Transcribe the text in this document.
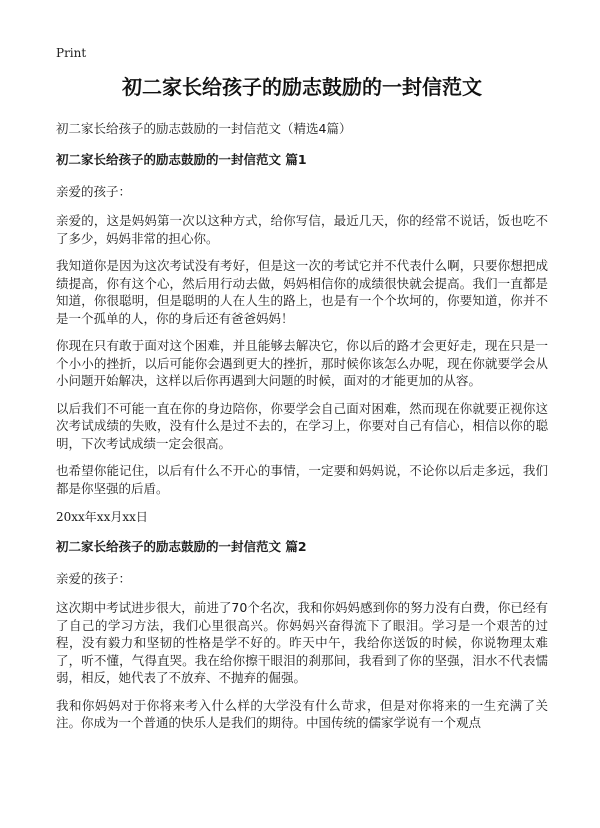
Print
初二家长给孩子的励志鼓励的一封信范文
初二家长给孩子的励志鼓励的一封信范文（精选4篇）
初二家长给孩子的励志鼓励的一封信范文 篇1
亲爱的孩子：

亲爱的，这是妈妈第一次以这种方式，给你写信，最近几天，你的经常不说话，饭也吃不了多少，妈妈非常的担心你。

我知道你是因为这次考试没有考好，但是这一次的考试它并不代表什么啊，只要你想把成绩提高，你有这个心，然后用行动去做，妈妈相信你的成绩很快就会提高。我们一直都是知道，你很聪明，但是聪明的人在人生的路上，也是有一个个坎坷的，你要知道，你并不是一个孤单的人，你的身后还有爸爸妈妈！

你现在只有敢于面对这个困难，并且能够去解决它，你以后的路才会更好走，现在只是一个小小的挫折，以后可能你会遇到更大的挫折，那时候你该怎么办呢，现在你就要学会从小问题开始解决，这样以后你再遇到大问题的时候，面对的才能更加的从容。

以后我们不可能一直在你的身边陪你，你要学会自己面对困难，然而现在你就要正视你这次考试成绩的失败，没有什么是过不去的，在学习上，你要对自己有信心，相信以你的聪明，下次考试成绩一定会很高。

也希望你能记住，以后有什么不开心的事情，一定要和妈妈说，不论你以后走多远，我们都是你坚强的后盾。

20xx年xx月xx日
初二家长给孩子的励志鼓励的一封信范文 篇2
亲爱的孩子：

这次期中考试进步很大，前进了70个名次，我和你妈妈感到你的努力没有白费，你已经有了自己的学习方法，我们心里很高兴。你妈妈兴奋得流下了眼泪。学习是一个艰苦的过程，没有毅力和坚韧的性格是学不好的。昨天中午，我给你送饭的时候，你说物理太难了，听不懂，气得直哭。我在给你擦干眼泪的刹那间，我看到了你的坚强，泪水不代表懦弱，相反，她代表了不放弃、不抛弃的倔强。

我和你妈妈对于你将来考入什么样的大学没有什么苛求，但是对你将来的一生充满了关注。你成为一个普通的快乐人是我们的期待。中国传统的儒家学说有一个观点
